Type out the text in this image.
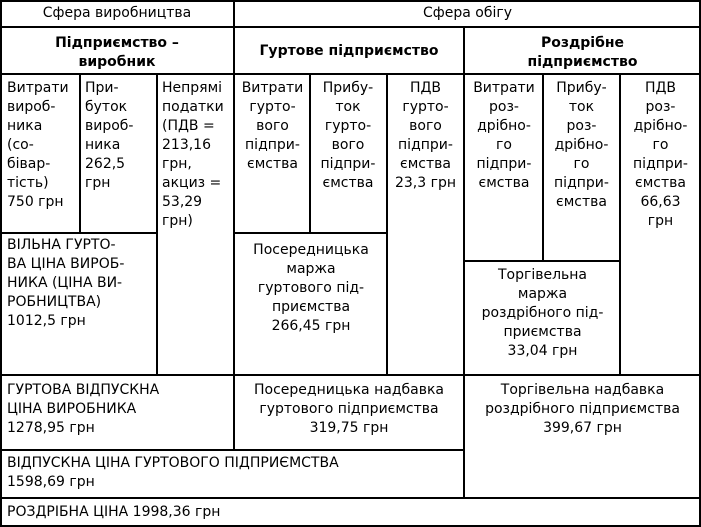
Сфера виробництва	Сфера обігу
Підприємство –
виробник
Гуртове підприємство	Роздрібне
підприємство
Витрати
вироб-
ника
(со-
бівар-
тість)
750 грн
При-
буток
вироб-
ника
262,5
грн
Непрямі
податки
(ПДВ =
213,16
грн,
акциз =
53,29
грн)
ВІЛЬНА ГУРТО-
ВА ЦІНА ВИРОБ-
НИКА (ЦІНА ВИ-
РОБНИЦТВА)
1012,5 грн
Витрати
гурто-
вого
підпри-
ємства
Прибу-
ток
гурто-
вого
підпри-
ємства
ПДВ
гурто-
вого
підпри-
ємства
23,3 грн
Посередницька
маржа
гуртового під-
приємства
266,45 грн
Витрати
роз-
дрібно-
го
підпри-
ємства
Прибу-
ток
роз-
дрібно-
го
підпри-
ємства
ПДВ
роз-
дрібно-
го
підпри-
ємства
66,63
грн
Торгівельна
маржа
роздрібного під-
приємства
33,04 грн
ГУРТОВА ВІДПУСКНА
ЦІНА ВИРОБНИКА
1278,95 грн
Посередницька надбавка
гуртового підприємства
319,75 грн
Торгівельна надбавка
роздрібного підприємства
399,67 грн
ВІДПУСКНА ЦІНА ГУРТОВОГО ПІДПРИЄМСТВА
1598,69 грн
РОЗДРІБНА ЦІНА 1998,36 грн
